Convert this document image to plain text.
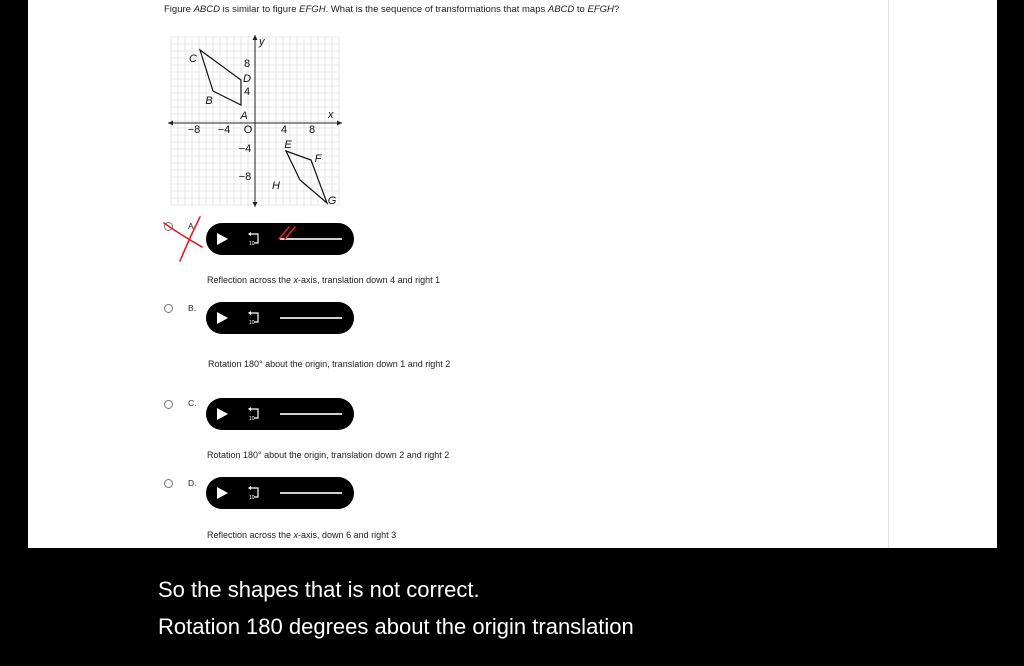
Figure ABCD is similar to figure EFGH. What is the sequence of transformations that maps ABCD to EFGH?
x
y
−8 −4 O	4 8
8
4
−4
−8
A
B
C
D
E
F
G
H
A.
10
Reflection across the x-axis, translation down 4 and right 1
B.
10
Rotation 180° about the origin, translation down 1 and right 2
C.
10
Rotation 180° about the origin, translation down 2 and right 2
D.
10
Reflection across the x-axis, down 6 and right 3
So the shapes that is not correct.
Rotation 180 degrees about the origin translation
